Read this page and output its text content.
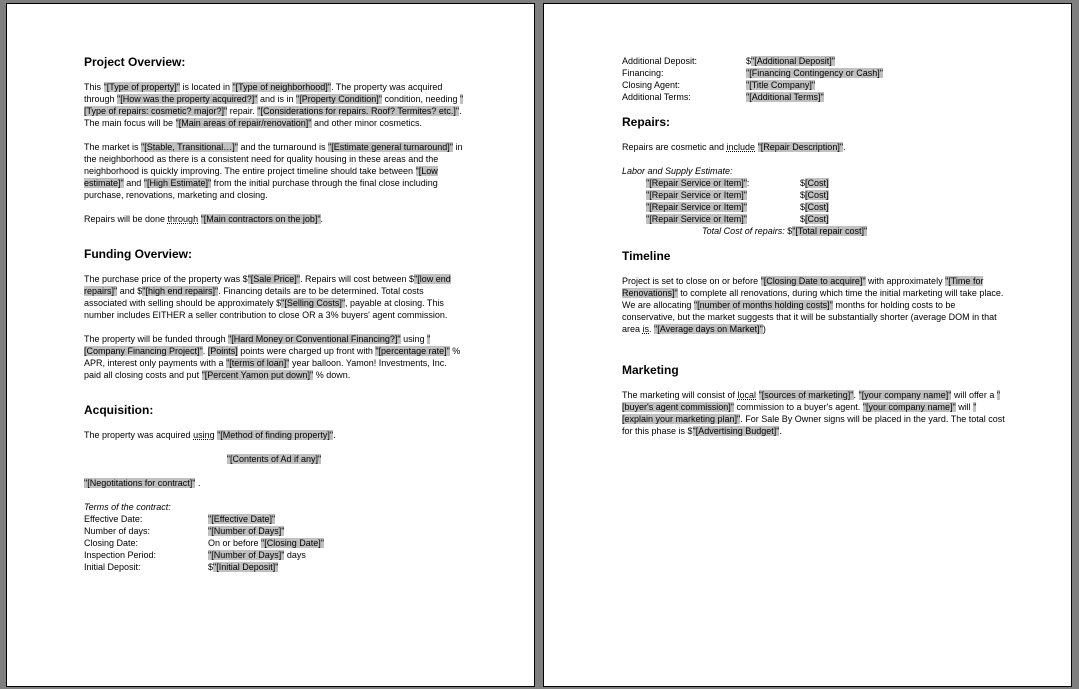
Project Overview:

This "[Type of property]" is located in "[Type of neighborhood]". The property was acquired through "[How was the property acquired?]" and is in "[Property Condition]" condition, needing "[Type of repairs: cosmetic? major?]" repair. "[Considerations for repairs. Roof? Termites? etc.]". The main focus will be "[Main areas of repair/renovation]" and other minor cosmetics.

The market is "[Stable, Transitional…]" and the turnaround is "[Estimate general turnaround]" in the neighborhood as there is a consistent need for quality housing in these areas and the neighborhood is quickly improving. The entire project timeline should take between "[Low estimate]" and "[High Estimate]" from the initial purchase through the final close including purchase, renovations, marketing and closing.

Repairs will be done through "[Main contractors on the job]".

Funding Overview:

The purchase price of the property was $"[Sale Price]". Repairs will cost between $"[low end repairs]" and $"[high end repairs]". Financing details are to be determined. Total costs associated with selling should be approximately $"[Selling Costs]", payable at closing. This number includes EITHER a seller contribution to close OR a 3% buyers' agent commission.

The property will be funded through "[Hard Money or Conventional Financing?]" using "[Company Financing Project]". [Points] points were charged up front with "[percentage rate]" % APR, interest only payments with a "[terms of loan]" year balloon. Yamon! Investments, Inc. paid all closing costs and put "[Percent Yamon put down]" % down.

Acquisition:

The property was acquired using "[Method of finding property]".

"[Contents of Ad if any]"

"[Negotitations for contract]" .

Terms of the contract:

Effective Date:	"[Effective Date]"
Number of days:	"[Number of Days]"
Closing Date:	On or before "[Closing Date]"
Inspection Period:	"[Number of Days]" days
Initial Deposit:	$"[Initial Deposit]"
Additional Deposit:	$"[Additional Deposit]"
Financing:	"[Financing Contingency or Cash]"
Closing Agent:	"[Title Company]"
Additional Terms:	"[Additional Terms]"
Repairs:

Repairs are cosmetic and include "[Repair Description]".

Labor and Supply Estimate:

"[Repair Service or Item]":	$[Cost]
"[Repair Service or Item]"	$[Cost]
"[Repair Service or Item]"	$[Cost]
"[Repair Service or Item]"	$[Cost]
Total Cost of repairs: $"[Total repair cost]"
Timeline

Project is set to close on or before "[Closing Date to acquire]" with approximately "[Time for Renovations]" to complete all renovations, during which time the initial marketing will take place. We are allocating "[number of months holding costs]" months for holding costs to be conservative, but the market suggests that it will be substantially shorter (average DOM in that area is. "[Average days on Market]")

Marketing

The marketing will consist of local "[sources of marketing]". "[your company name]" will offer a "[buyer's agent commission]" commission to a buyer's agent. "[your company name]" will "[explain your marketing plan]". For Sale By Owner signs will be placed in the yard. The total cost for this phase is $"[Advertising Budget]".
